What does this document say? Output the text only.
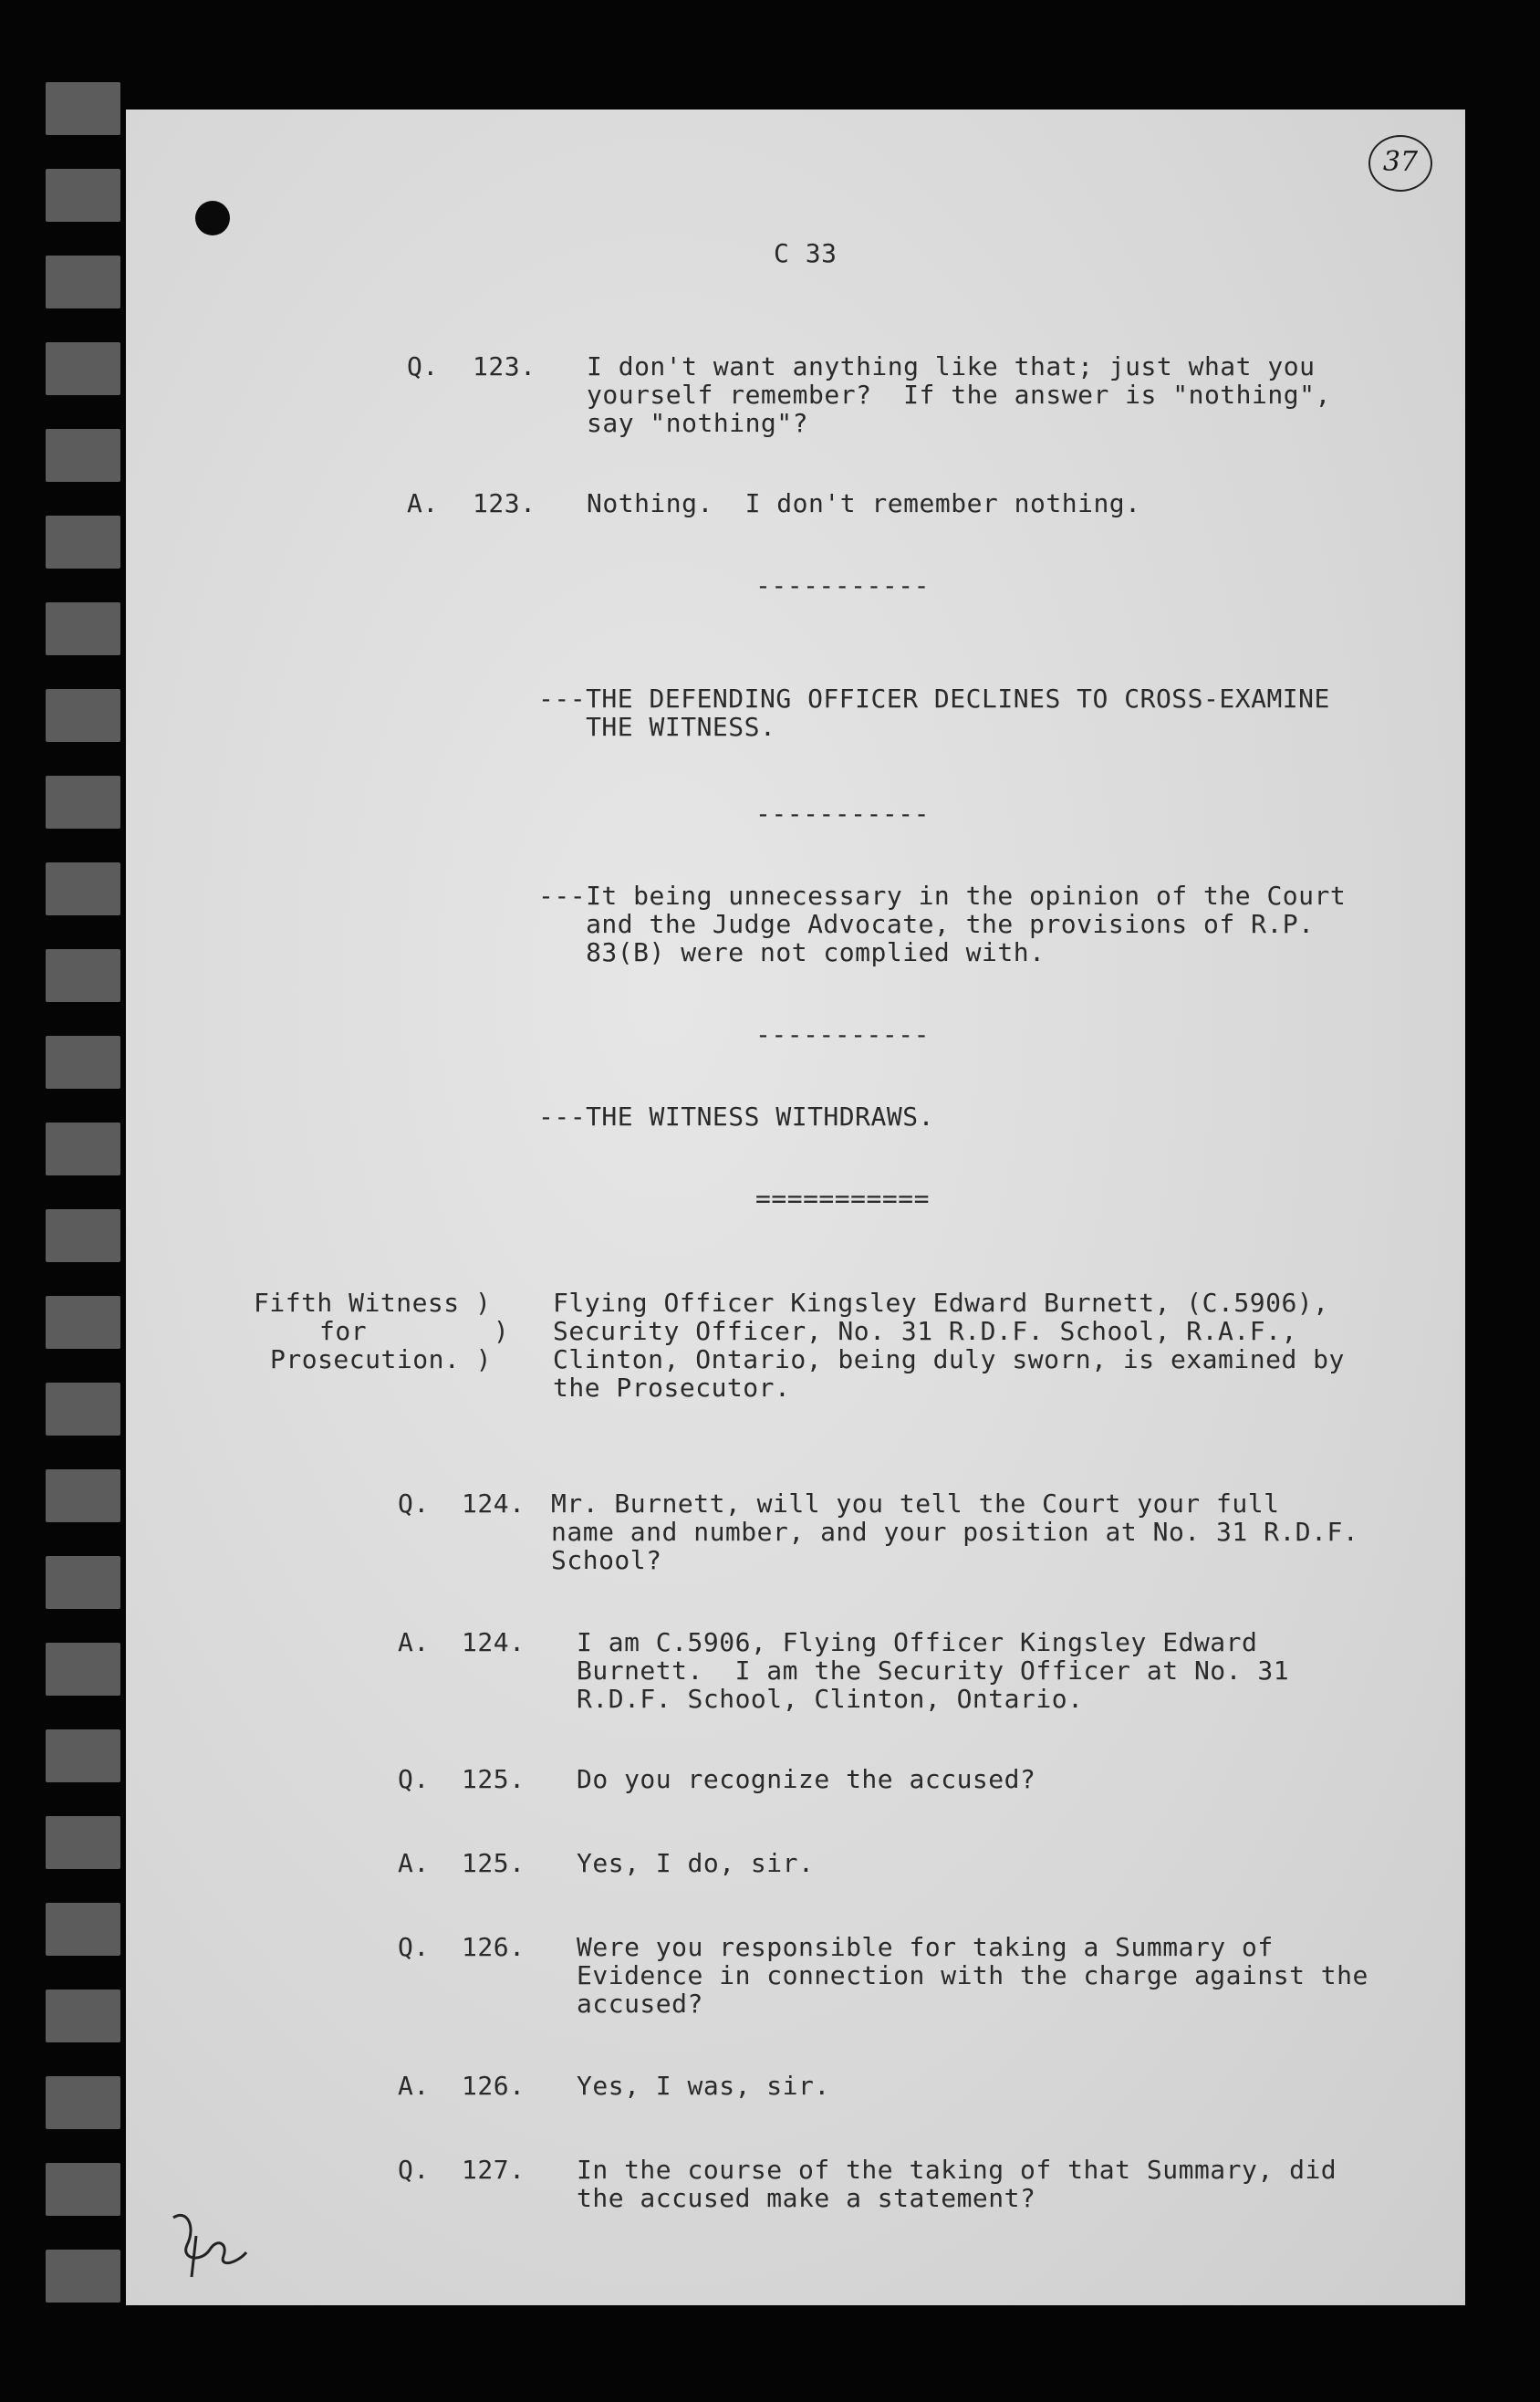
37
C 33
Q. 123. I don't want anything like that; just what you
yourself remember?  If the answer is "nothing",
say "nothing"?
A. 123. Nothing.  I don't remember nothing.
-----------
---THE DEFENDING OFFICER DECLINES TO CROSS-EXAMINE
THE WITNESS.
-----------
---It being unnecessary in the opinion of the Court
and the Judge Advocate, the provisions of R.P.
83(B) were not complied with.
-----------
---THE WITNESS WITHDRAWS.
===========
Fifth Witness )
for        )
Prosecution. )
Flying Officer Kingsley Edward Burnett, (C.5906),
Security Officer, No. 31 R.D.F. School, R.A.F.,
Clinton, Ontario, being duly sworn, is examined by
the Prosecutor.
Q. 124. Mr. Burnett, will you tell the Court your full
name and number, and your position at No. 31 R.D.F.
School?
A. 124. I am C.5906, Flying Officer Kingsley Edward
Burnett.  I am the Security Officer at No. 31
R.D.F. School, Clinton, Ontario.
Q. 125. Do you recognize the accused?
A. 125. Yes, I do, sir.
Q. 126. Were you responsible for taking a Summary of
Evidence in connection with the charge against the
accused?
A. 126. Yes, I was, sir.
Q. 127. In the course of the taking of that Summary, did
the accused make a statement?
